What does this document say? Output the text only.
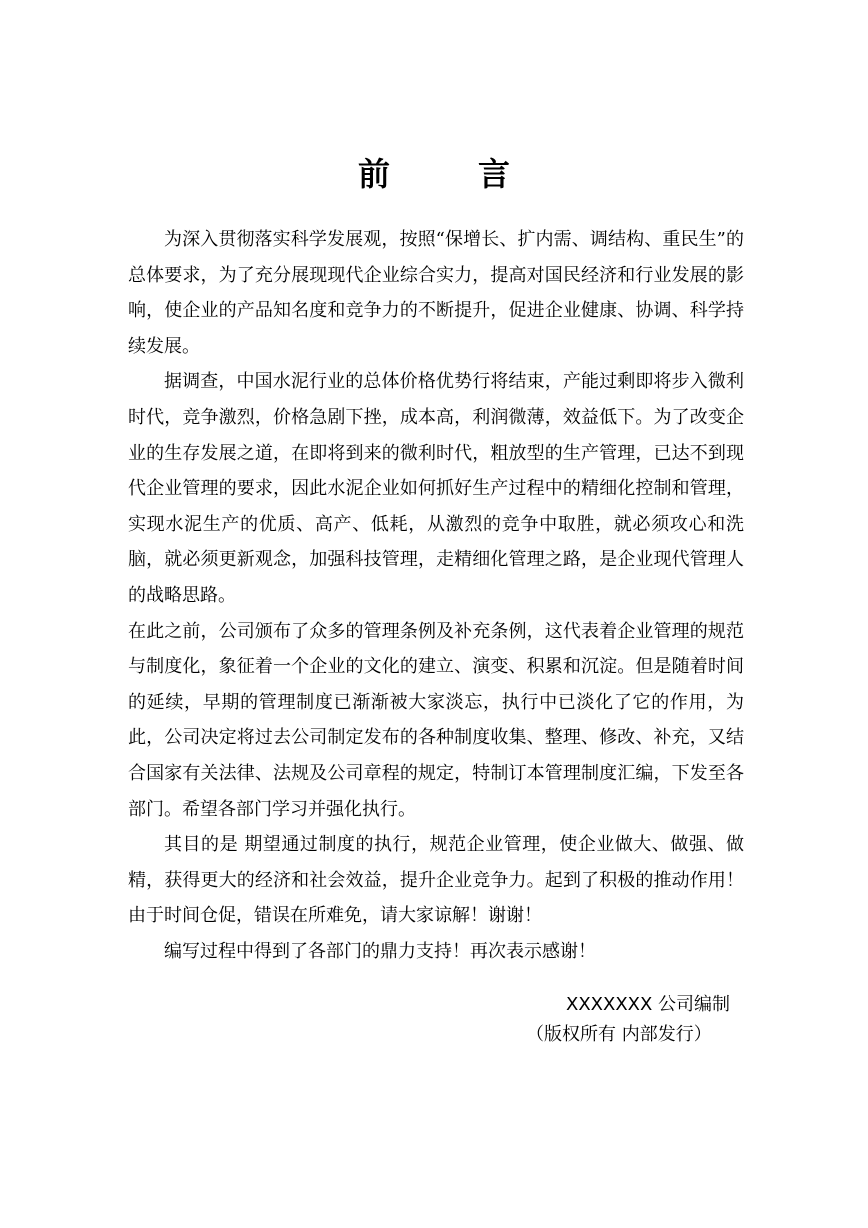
前　言

为深入贯彻落实科学发展观，按照“保增长、扩内需、调结构、重民生”的总体要求，为了充分展现现代企业综合实力，提高对国民经济和行业发展的影响，使企业的产品知名度和竞争力的不断提升，促进企业健康、协调、科学持续发展。

据调查，中国水泥行业的总体价格优势行将结束，产能过剩即将步入微利时代，竞争激烈，价格急剧下挫，成本高，利润微薄，效益低下。为了改变企业的生存发展之道，在即将到来的微利时代，粗放型的生产管理，已达不到现代企业管理的要求，因此水泥企业如何抓好生产过程中的精细化控制和管理，实现水泥生产的优质、高产、低耗，从激烈的竞争中取胜，就必须攻心和洗脑，就必须更新观念，加强科技管理，走精细化管理之路，是企业现代管理人的战略思路。

在此之前，公司颁布了众多的管理条例及补充条例，这代表着企业管理的规范与制度化，象征着一个企业的文化的建立、演变、积累和沉淀。但是随着时间的延续，早期的管理制度已渐渐被大家淡忘，执行中已淡化了它的作用，为此，公司决定将过去公司制定发布的各种制度收集、整理、修改、补充，又结合国家有关法律、法规及公司章程的规定，特制订本管理制度汇编，下发至各部门。希望各部门学习并强化执行。

其目的是 期望通过制度的执行，规范企业管理，使企业做大、做强、做精，获得更大的经济和社会效益，提升企业竞争力。起到了积极的推动作用！由于时间仓促，错误在所难免，请大家谅解！谢谢！

编写过程中得到了各部门的鼎力支持！再次表示感谢！

XXXXXXX 公司编制
（版权所有 内部发行）
